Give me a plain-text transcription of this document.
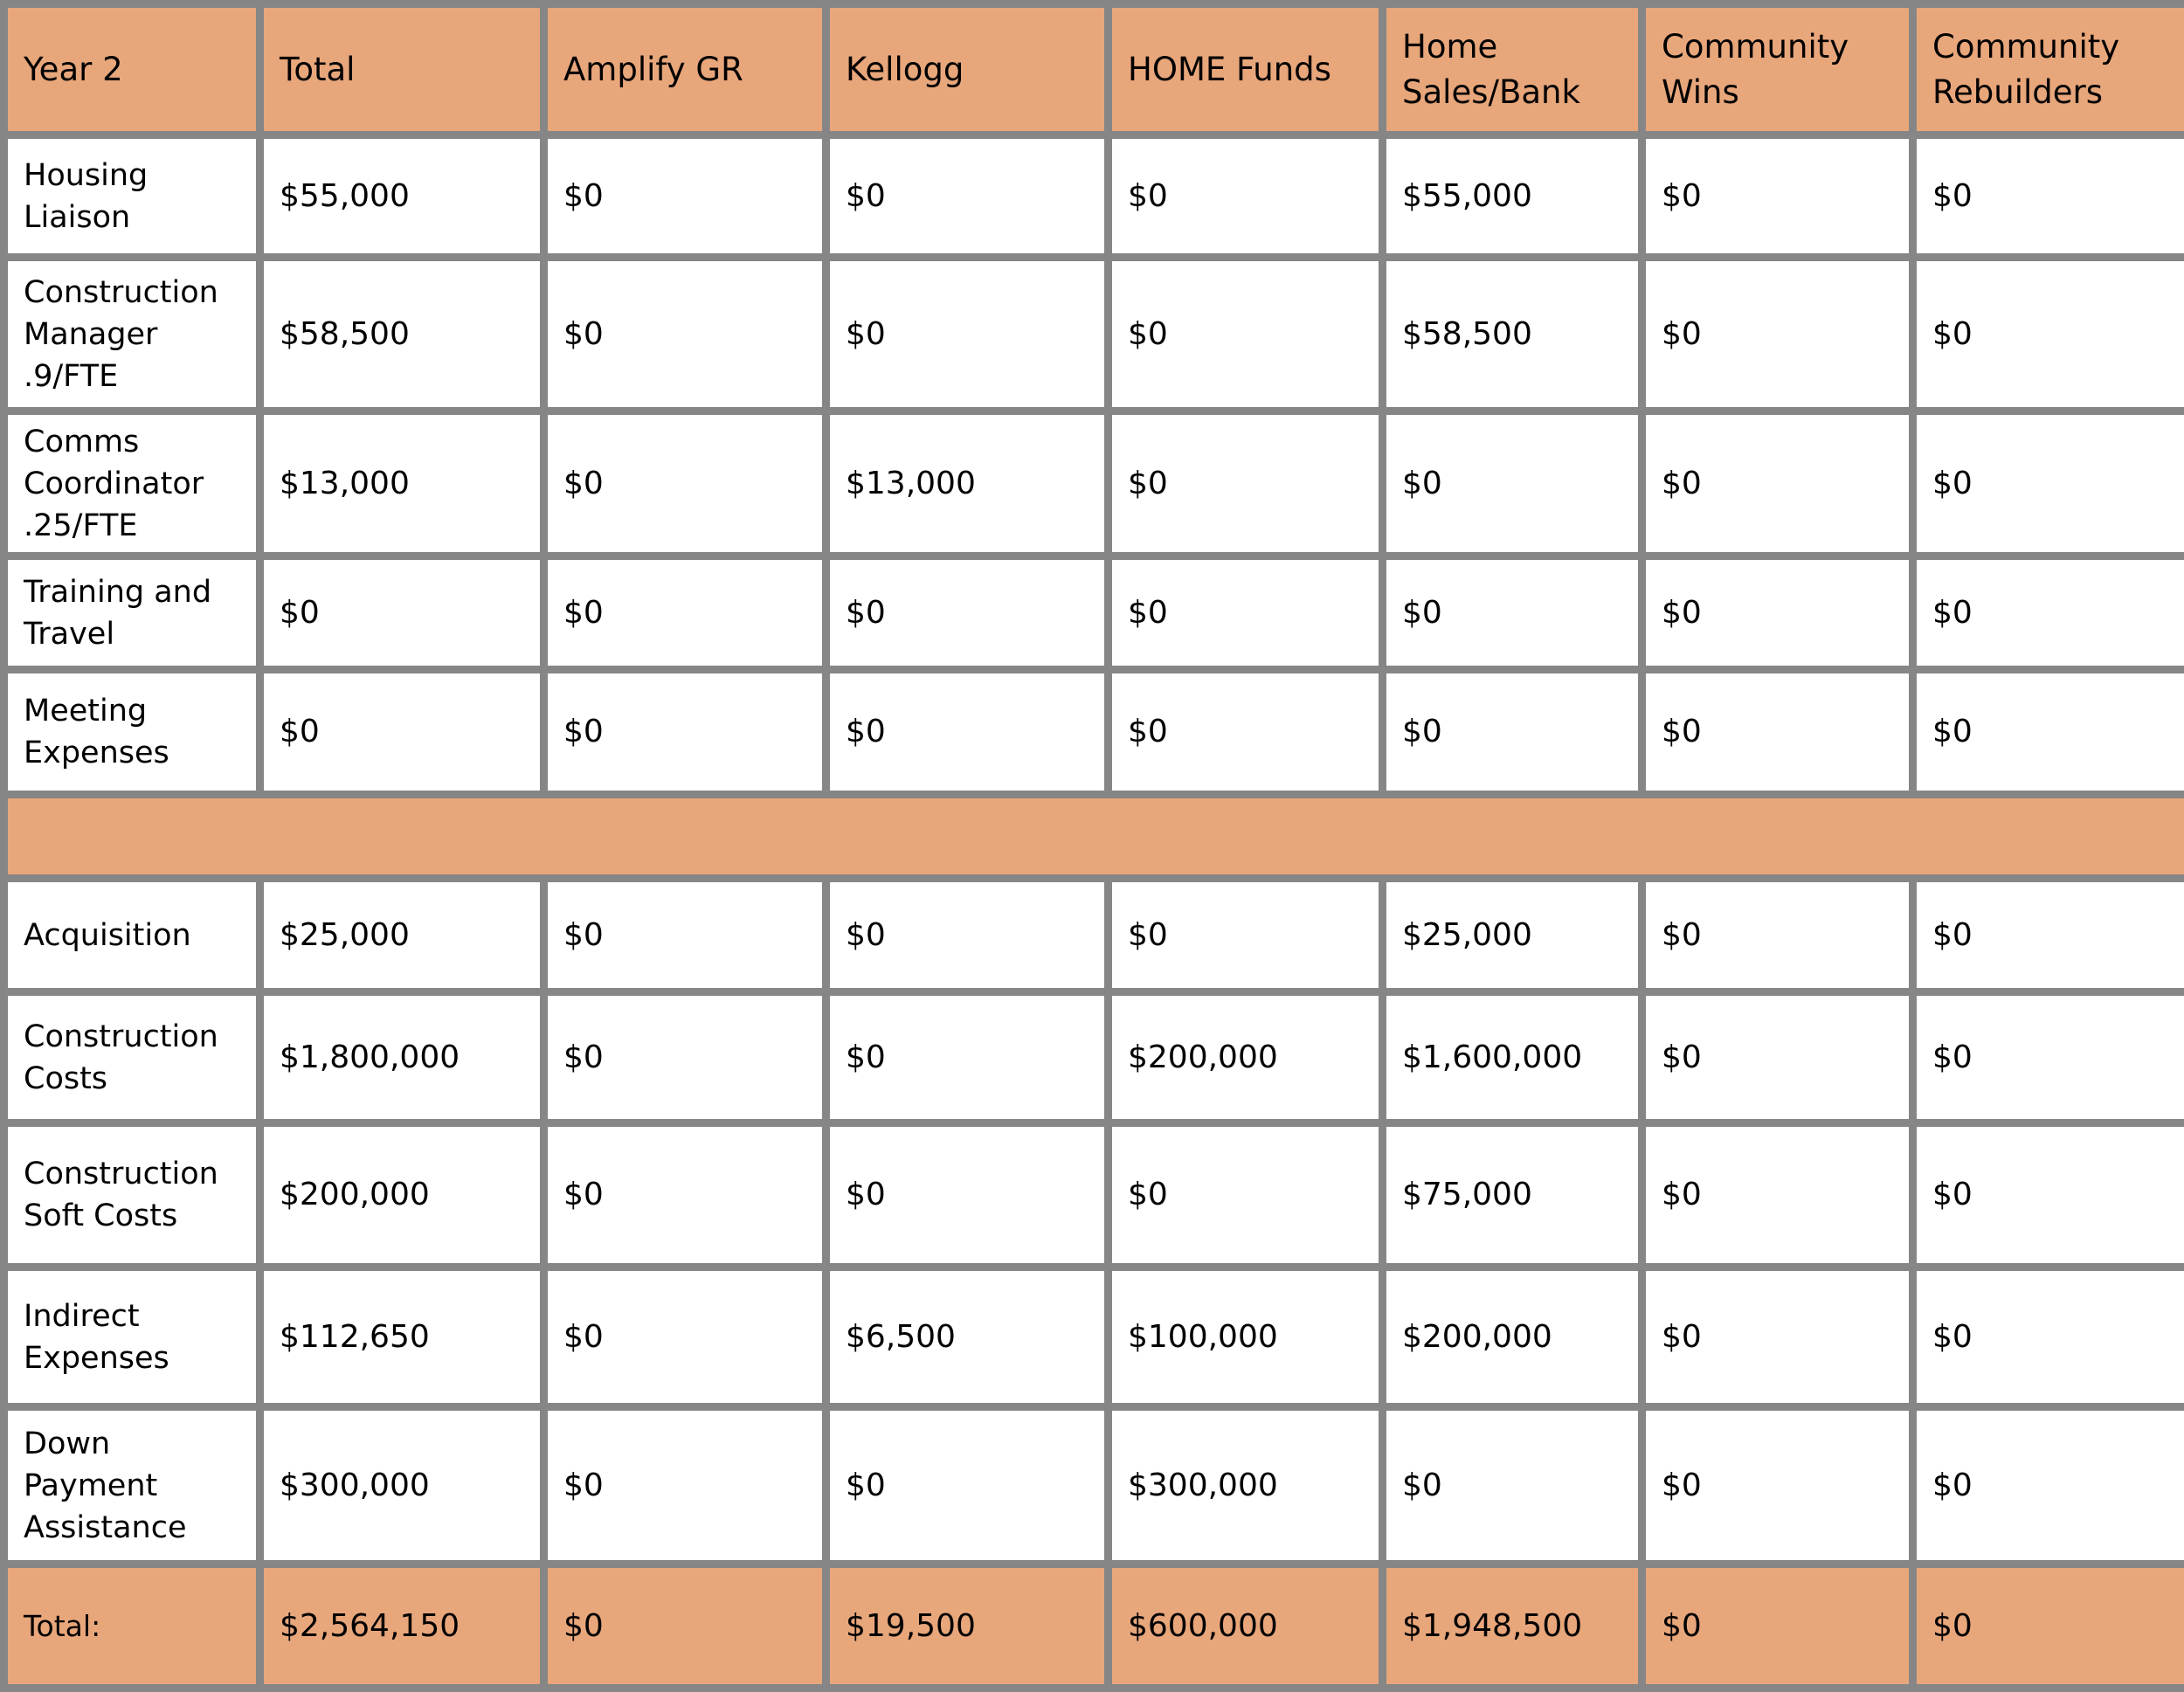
Year 2	Total	Amplify GR	Kellogg	HOME Funds	Home Sales/Bank	Community Wins	Community Rebuilders
Housing Liaison	$55,000	$0	$0	$0	$55,000	$0	$0
Construction Manager .9/FTE	$58,500	$0	$0	$0	$58,500	$0	$0
Comms Coordinator .25/FTE	$13,000	$0	$13,000	$0	$0	$0	$0
Training and Travel	$0	$0	$0	$0	$0	$0	$0
Meeting Expenses	$0	$0	$0	$0	$0	$0	$0

Acquisition	$25,000	$0	$0	$0	$25,000	$0	$0
Construction Costs	$1,800,000	$0	$0	$200,000	$1,600,000	$0	$0
Construction Soft Costs	$200,000	$0	$0	$0	$75,000	$0	$0
Indirect Expenses	$112,650	$0	$6,500	$100,000	$200,000	$0	$0
Down Payment Assistance	$300,000	$0	$0	$300,000	$0	$0	$0
Total:	$2,564,150	$0	$19,500	$600,000	$1,948,500	$0	$0
